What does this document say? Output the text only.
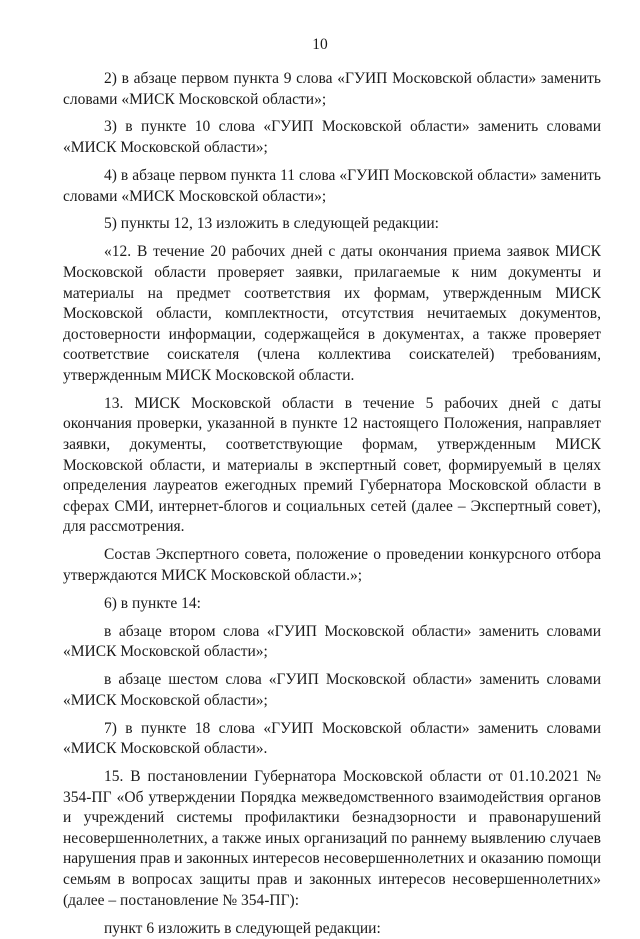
10

2) в абзаце первом пункта 9 слова «ГУИП Московской области» заменить словами «МИСК Московской области»;

3) в пункте 10 слова «ГУИП Московской области» заменить словами «МИСК Московской области»;

4) в абзаце первом пункта 11 слова «ГУИП Московской области» заменить словами «МИСК Московской области»;

5) пункты 12, 13 изложить в следующей редакции:

«12. В течение 20 рабочих дней с даты окончания приема заявок МИСК Московской области проверяет заявки, прилагаемые к ним документы и материалы на предмет соответствия их формам, утвержденным МИСК Московской области, комплектности, отсутствия нечитаемых документов, достоверности информации, содержащейся в документах, а также проверяет соответствие соискателя (члена коллектива соискателей) требованиям, утвержденным МИСК Московской области.

13. МИСК Московской области в течение 5 рабочих дней с даты окончания проверки, указанной в пункте 12 настоящего Положения, направляет заявки, документы, соответствующие формам, утвержденным МИСК Московской области, и материалы в экспертный совет, формируемый в целях определения лауреатов ежегодных премий Губернатора Московской области в сферах СМИ, интернет-блогов и социальных сетей (далее – Экспертный совет), для рассмотрения.

Состав Экспертного совета, положение о проведении конкурсного отбора утверждаются МИСК Московской области.»;

6) в пункте 14:

в абзаце втором слова «ГУИП Московской области» заменить словами «МИСК Московской области»;

в абзаце шестом слова «ГУИП Московской области» заменить словами «МИСК Московской области»;

7) в пункте 18 слова «ГУИП Московской области» заменить словами «МИСК Московской области».

15. В постановлении Губернатора Московской области от 01.10.2021 № 354-ПГ «Об утверждении Порядка межведомственного взаимодействия органов и учреждений системы профилактики безнадзорности и правонарушений несовершеннолетних, а также иных организаций по раннему выявлению случаев нарушения прав и законных интересов несовершеннолетних и оказанию помощи семьям в вопросах защиты прав и законных интересов несовершеннолетних» (далее – постановление № 354-ПГ):

пункт 6 изложить в следующей редакции:
